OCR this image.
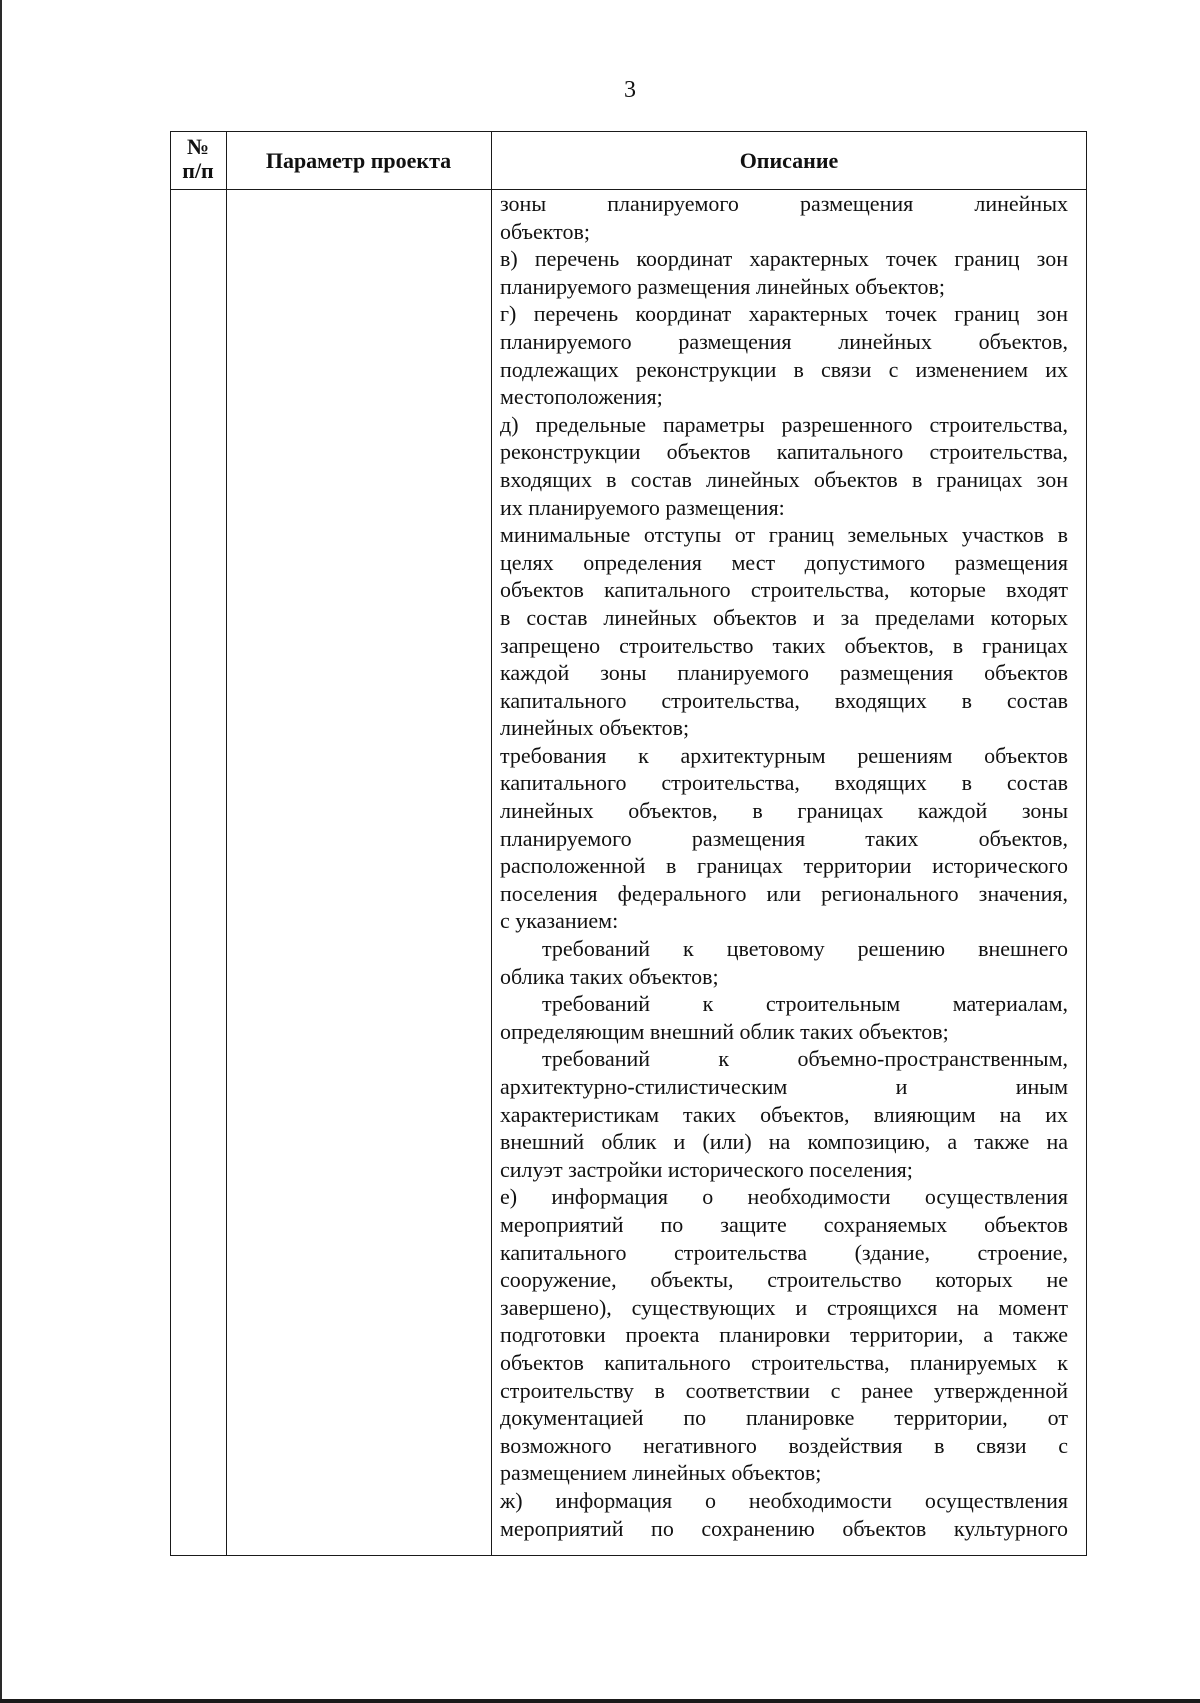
3
№
п/п	Параметр проекта	Описание
зоны планируемого размещения линейных
объектов;
в) перечень координат характерных точек границ зон
планируемого размещения линейных объектов;
г) перечень координат характерных точек границ зон
планируемого размещения линейных объектов,
подлежащих реконструкции в связи с изменением их
местоположения;
д) предельные параметры разрешенного строительства,
реконструкции объектов капитального строительства,
входящих в состав линейных объектов в границах зон
их планируемого размещения:
минимальные отступы от границ земельных участков в
целях определения мест допустимого размещения
объектов капитального строительства, которые входят
в состав линейных объектов и за пределами которых
запрещено строительство таких объектов, в границах
каждой зоны планируемого размещения объектов
капитального строительства, входящих в состав
линейных объектов;
требования к архитектурным решениям объектов
капитального строительства, входящих в состав
линейных объектов, в границах каждой зоны
планируемого размещения таких объектов,
расположенной в границах территории исторического
поселения федерального или регионального значения,
с указанием:
требований к цветовому решению внешнего
облика таких объектов;
требований к строительным материалам,
определяющим внешний облик таких объектов;
требований к объемно-пространственным,
архитектурно-стилистическим и иным
характеристикам таких объектов, влияющим на их
внешний облик и (или) на композицию, а также на
силуэт застройки исторического поселения;
е) информация о необходимости осуществления
мероприятий по защите сохраняемых объектов
капитального строительства (здание, строение,
сооружение, объекты, строительство которых не
завершено), существующих и строящихся на момент
подготовки проекта планировки территории, а также
объектов капитального строительства, планируемых к
строительству в соответствии с ранее утвержденной
документацией по планировке территории, от
возможного негативного воздействия в связи с
размещением линейных объектов;
ж) информация о необходимости осуществления
мероприятий по сохранению объектов культурного
